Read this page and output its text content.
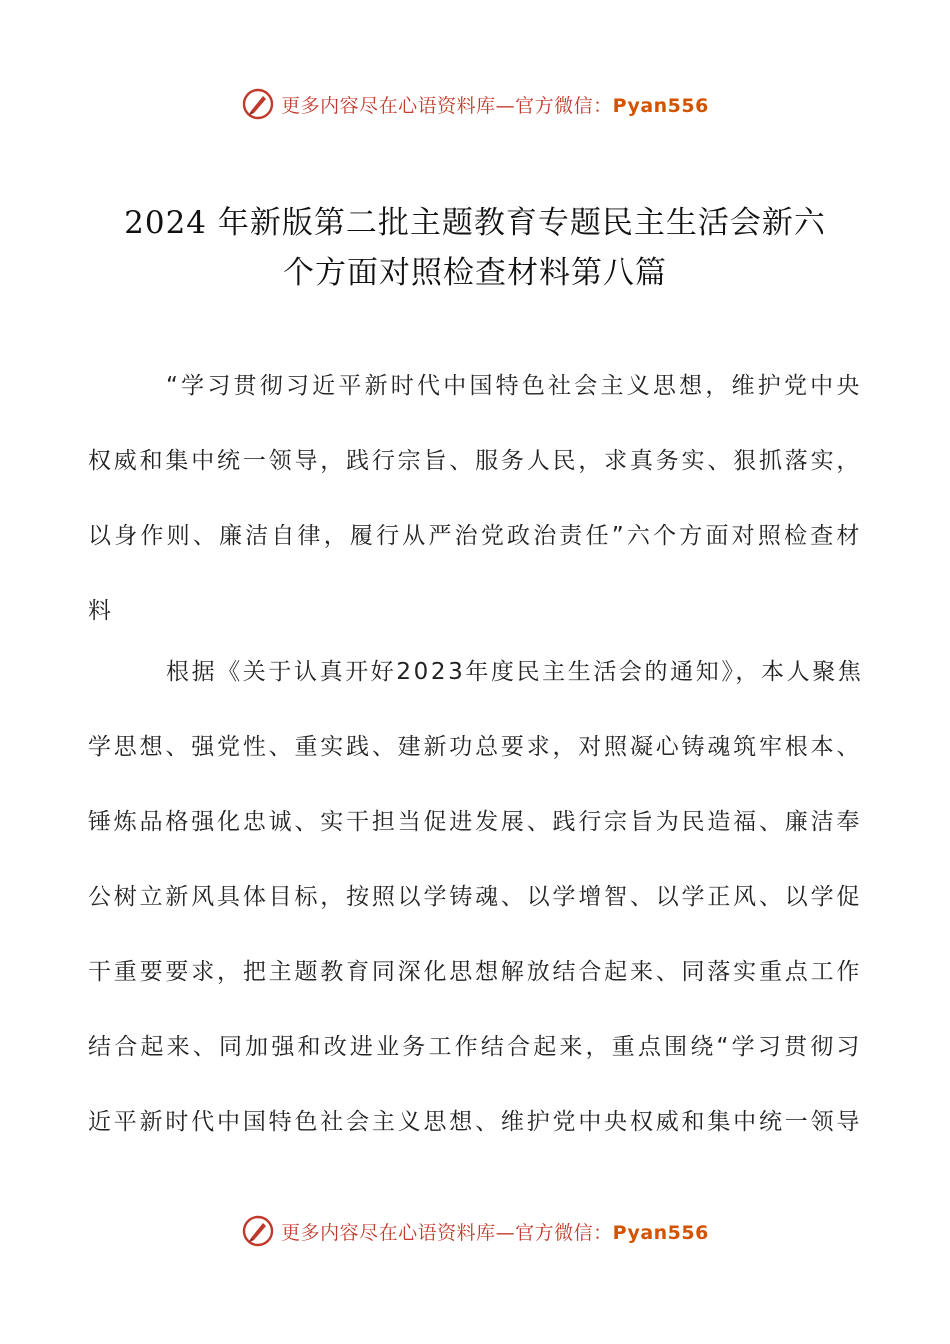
更多内容尽在心语资料库—官方微信：Pyan556
2024 年新版第二批主题教育专题民主生活会新六
个方面对照检查材料第八篇
“学习贯彻习近平新时代中国特色社会主义思想，维护党中央
权威和集中统一领导，践行宗旨、服务人民，求真务实、狠抓落实，
以身作则、廉洁自律，履行从严治党政治责任”六个方面对照检查材
料
根据《关于认真开好2023年度民主生活会的通知》，本人聚焦
学思想、强党性、重实践、建新功总要求，对照凝心铸魂筑牢根本、
锤炼品格强化忠诚、实干担当促进发展、践行宗旨为民造福、廉洁奉
公树立新风具体目标，按照以学铸魂、以学增智、以学正风、以学促
干重要要求，把主题教育同深化思想解放结合起来、同落实重点工作
结合起来、同加强和改进业务工作结合起来，重点围绕“学习贯彻习
近平新时代中国特色社会主义思想、维护党中央权威和集中统一领导
更多内容尽在心语资料库—官方微信：Pyan556
